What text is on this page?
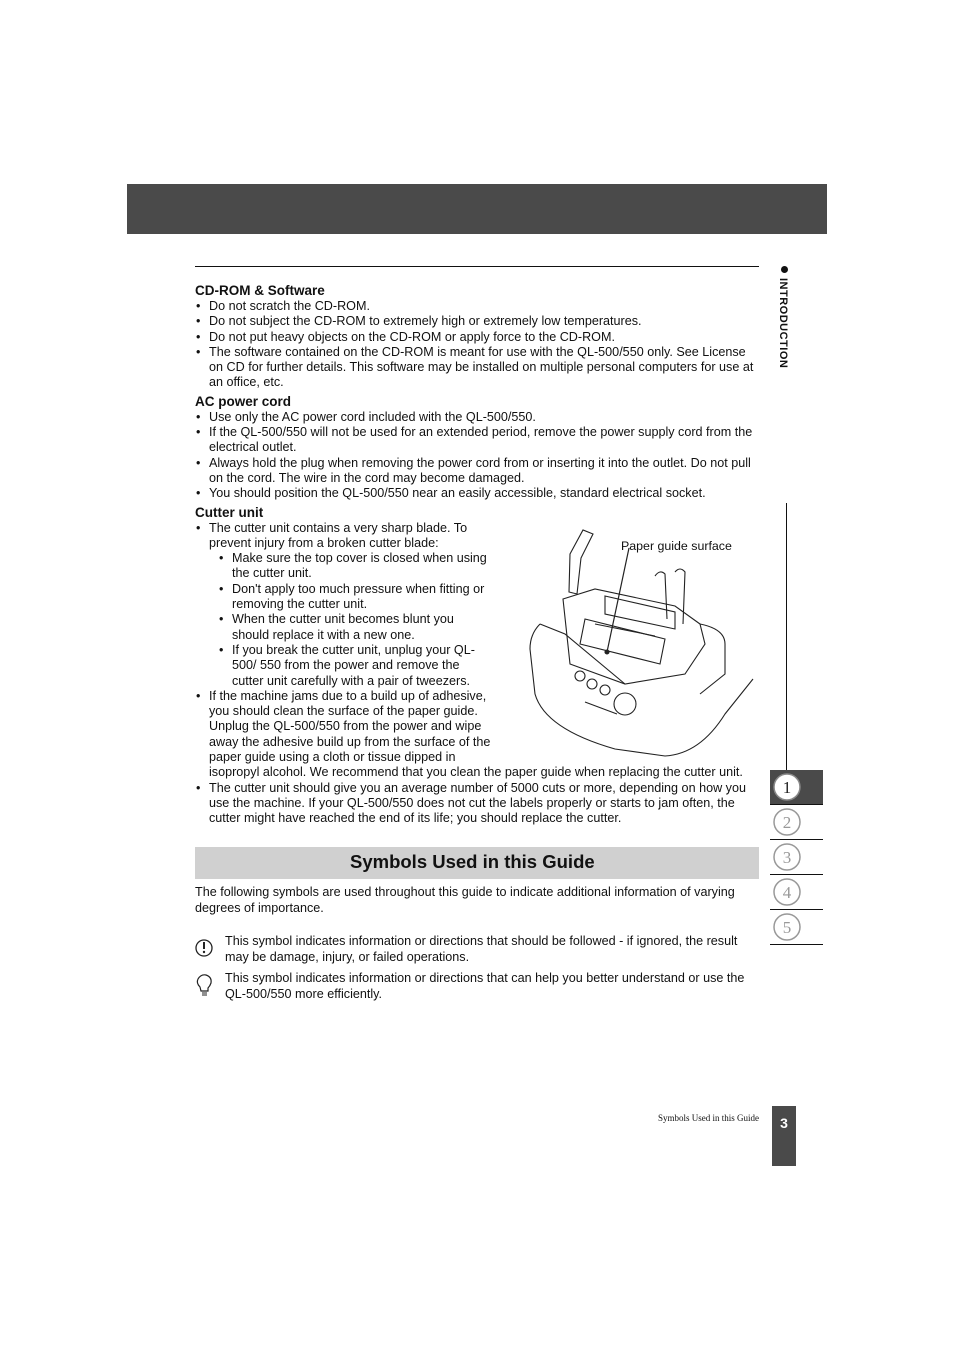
INTRODUCTION
CD-ROM & Software
• Do not scratch the CD-ROM.
• Do not subject the CD-ROM to extremely high or extremely low temperatures.
• Do not put heavy objects on the CD-ROM or apply force to the CD-ROM.
• The software contained on the CD-ROM is meant for use with the QL-500/550 only. See License on CD for further details. This software may be installed on multiple personal computers for use at an office, etc.
AC power cord
• Use only the AC power cord included with the QL-500/550.
• If the QL-500/550 will not be used for an extended period, remove the power supply cord from the electrical outlet.
• Always hold the plug when removing the power cord from or inserting it into the outlet. Do not pull on the cord. The wire in the cord may become damaged.
• You should position the QL-500/550 near an easily accessible, standard electrical socket.
Cutter unit
• The cutter unit contains a very sharp blade. To prevent injury from a broken cutter blade:
• Make sure the top cover is closed when using the cutter unit.
• Don't apply too much pressure when fitting or removing the cutter unit.
• When the cutter unit becomes blunt you should replace it with a new one.
• If you break the cutter unit, unplug your QL-500/ 550 from the power and remove the cutter unit carefully with a pair of tweezers.
• If the machine jams due to a build up of adhesive, you should clean the surface of the paper guide. Unplug the QL-500/550 from the power and wipe away the adhesive build up from the surface of the paper guide using a cloth or tissue dipped in
isopropyl alcohol. We recommend that you clean the paper guide when replacing the cutter unit.
• The cutter unit should give you an average number of 5000 cuts or more, depending on how you use the machine. If your QL-500/550 does not cut the labels properly or starts to jam often, the cutter might have reached the end of its life; you should replace the cutter.
Paper guide surface
Symbols Used in this Guide
The following symbols are used throughout this guide to indicate additional information of varying degrees of importance.
This symbol indicates information or directions that should be followed - if ignored, the result may be damage, injury, or failed operations.
This symbol indicates information or directions that can help you better understand or use the QL-500/550 more efficiently.
1
2
3
4
5
Symbols Used in this Guide	3
